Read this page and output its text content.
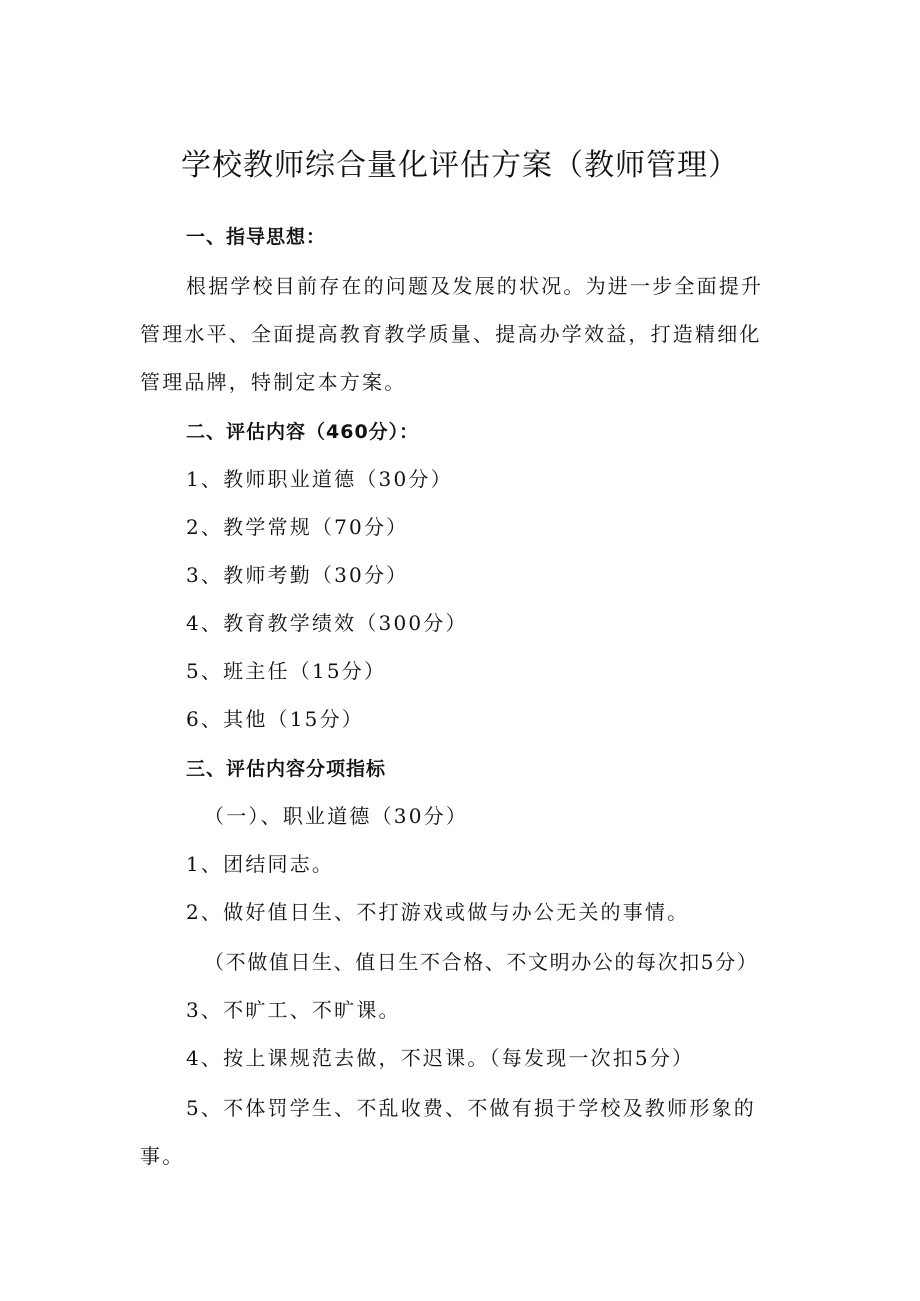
学校教师综合量化评估方案（教师管理）
一、指导思想：
根据学校目前存在的问题及发展的状况。为进一步全面提升
管理水平、全面提高教育教学质量、提高办学效益，打造精细化
管理品牌，特制定本方案。
二、评估内容（460分）：
1、教师职业道德（30分）
2、教学常规（70分）
3、教师考勤（30分）
4、教育教学绩效（300分）
5、班主任（15分）
6、其他（15分）
三、评估内容分项指标
（一）、职业道德（30分）
1、团结同志。
2、做好值日生、不打游戏或做与办公无关的事情。
（不做值日生、值日生不合格、不文明办公的每次扣5分）
3、不旷工、不旷课。
4、按上课规范去做，不迟课。（每发现一次扣5分）
5、不体罚学生、不乱收费、不做有损于学校及教师形象的
事。
